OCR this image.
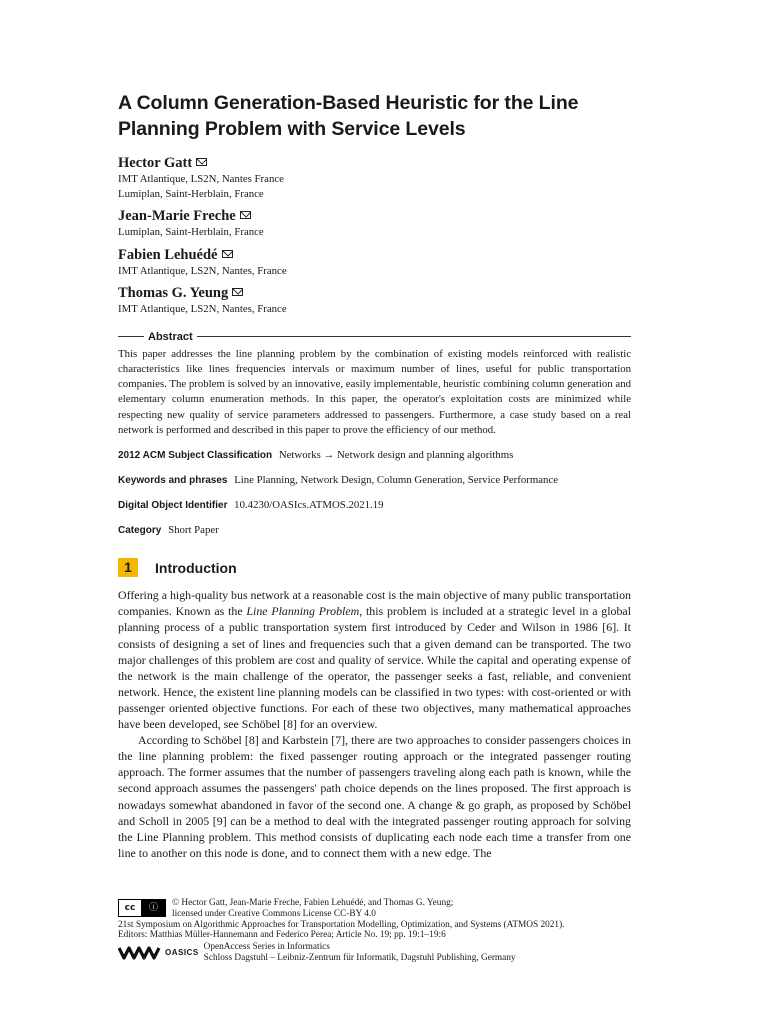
A Column Generation-Based Heuristic for the Line Planning Problem with Service Levels
Hector Gatt
IMT Atlantique, LS2N, Nantes France
Lumiplan, Saint-Herblain, France
Jean-Marie Freche
Lumiplan, Saint-Herblain, France
Fabien Lehuédé
IMT Atlantique, LS2N, Nantes, France
Thomas G. Yeung
IMT Atlantique, LS2N, Nantes, France
Abstract

This paper addresses the line planning problem by the combination of existing models reinforced with realistic characteristics like lines frequencies intervals or maximum number of lines, useful for public transportation companies. The problem is solved by an innovative, easily implementable, heuristic combining column generation and elementary column enumeration methods. In this paper, the operator's exploitation costs are minimized while respecting new quality of service parameters addressed to passengers. Furthermore, a case study based on a real network is performed and described in this paper to prove the efficiency of our method.

2012 ACM Subject Classification Networks → Network design and planning algorithms

Keywords and phrases Line Planning, Network Design, Column Generation, Service Performance

Digital Object Identifier 10.4230/OASIcs.ATMOS.2021.19

Category Short Paper

1	Introduction

Offering a high-quality bus network at a reasonable cost is the main objective of many public transportation companies. Known as the Line Planning Problem, this problem is included at a strategic level in a global planning process of a public transportation system first introduced by Ceder and Wilson in 1986 [6]. It consists of designing a set of lines and frequencies such that a given demand can be transported. The two major challenges of this problem are cost and quality of service. While the capital and operating expense of the network is the main challenge of the operator, the passenger seeks a fast, reliable, and convenient network. Hence, the existent line planning models can be classified in two types: with cost-oriented or with passenger oriented objective functions. For each of these two objectives, many mathematical approaches have been developed, see Schöbel [8] for an overview.

According to Schöbel [8] and Karbstein [7], there are two approaches to consider passengers choices in the line planning problem: the fixed passenger routing approach or the integrated passenger routing approach. The former assumes that the number of passengers traveling along each path is known, while the second approach assumes the passengers' path choice depends on the lines proposed. The first approach is nowadays somewhat abandoned in favor of the second one. A change & go graph, as proposed by Schöbel and Scholl in 2005 [9] can be a method to deal with the integrated passenger routing approach for solving the Line Planning problem. This method consists of duplicating each node each time a transfer from one line to another on this node is done, and to connect them with a new edge. The

cc	ⓘ	© Hector Gatt, Jean-Marie Freche, Fabien Lehuédé, and Thomas G. Yeung;
licensed under Creative Commons License CC-BY 4.0
21st Symposium on Algorithmic Approaches for Transportation Modelling, Optimization, and Systems (ATMOS 2021).
Editors: Matthias Müller-Hannemann and Federico Perea; Article No. 19; pp. 19:1–19:6
OASICS OpenAccess Series in Informatics
Schloss Dagstuhl – Leibniz-Zentrum für Informatik, Dagstuhl Publishing, Germany
